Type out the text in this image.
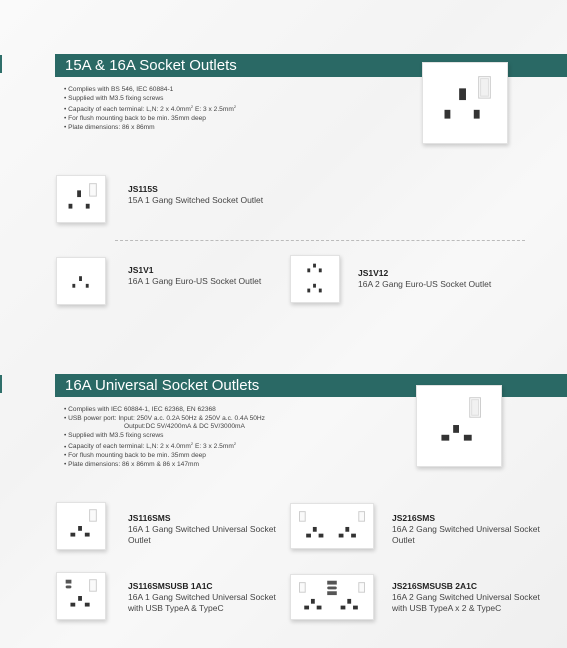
15A & 16A Socket Outlets
• Complies with BS 546, IEC 60884-1
• Supplied with M3.5 fixing screws
• Capacity of each terminal: L,N: 2 x $4.0mm^2$ E: 3 x $2.5mm^2$
• For flush mounting back to be min. 35mm deep
• Plate dimensions: 86 x 86mm
JS115S
15A 1 Gang Switched Socket Outlet
JS1V1
16A 1 Gang Euro-US Socket Outlet
JS1V12
16A 2 Gang Euro-US Socket Outlet
16A Universal Socket Outlets
• Complies with IEC 60884-1, IEC 62368, EN 62368
• USB power port: Input: 250V a.c. 0.2A 50Hz & 250V a.c. 0.4A 50Hz
Output:DC 5V/4200mA & DC 5V/3000mA
• Supplied with M3.5 fixing screws
• Capacity of each terminal: L,N: 2 x $4.0mm^2$ E: 3 x $2.5mm^2$
• For flush mounting back to be min. 35mm deep
• Plate dimensions: 86 x 86mm & 86 x 147mm
JS116SMS
16A 1 Gang Switched Universal Socket Outlet
JS216SMS
16A 2 Gang Switched Universal Socket Outlet
JS116SMSUSB 1A1C
16A 1 Gang Switched Universal Socket with USB TypeA & TypeC
JS216SMSUSB 2A1C
16A 2 Gang Switched Universal Socket with USB TypeA x 2 & TypeC
